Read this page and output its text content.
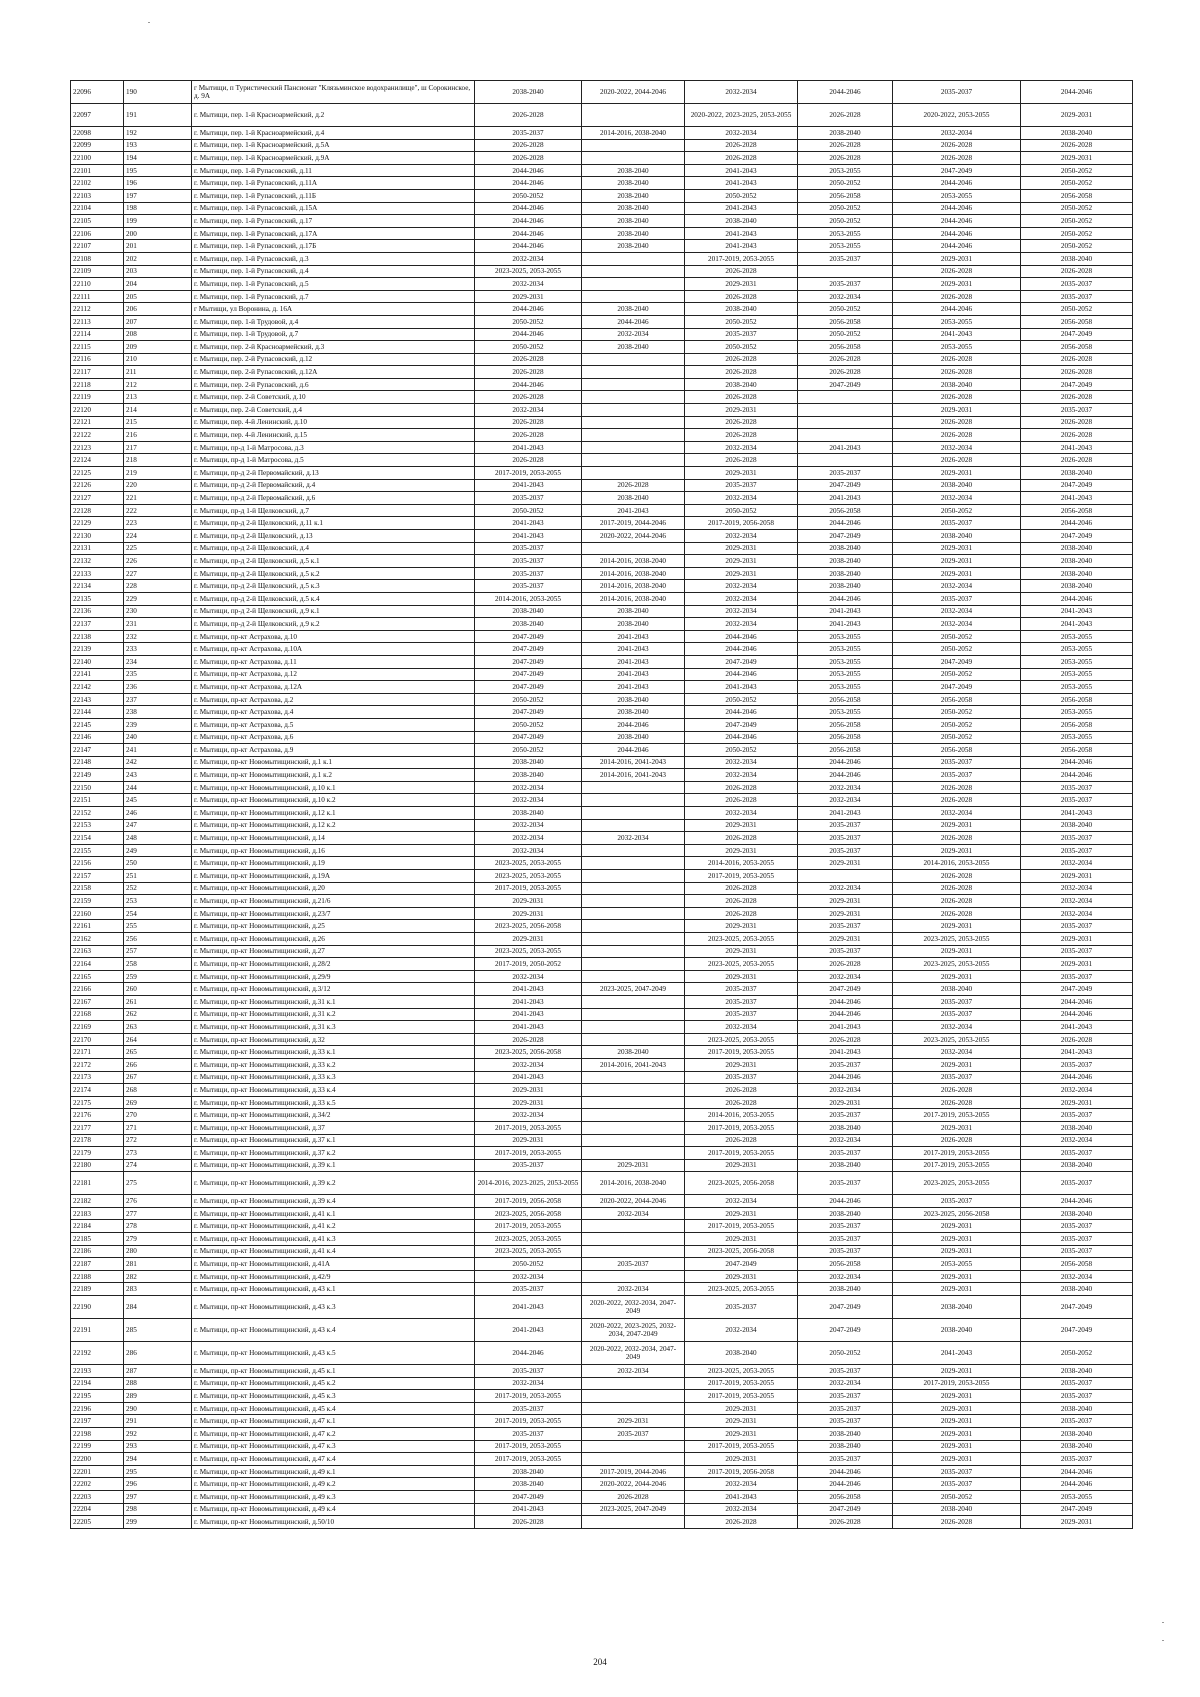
22096	190	г Мытищи, п Туристический Пансионат "Клязьминское водохранилище", ш Сорокинское, д. 9А	2038-2040	2020-2022, 2044-2046	2032-2034	2044-2046	2035-2037	2044-2046
22097	191	г. Мытищи, пер. 1-й Красноармейский, д.2	2026-2028		2020-2022, 2023-2025, 2053-2055	2026-2028	2020-2022, 2053-2055	2029-2031
22098	192	г. Мытищи, пер. 1-й Красноармейский, д.4	2035-2037	2014-2016, 2038-2040	2032-2034	2038-2040	2032-2034	2038-2040
22099	193	г. Мытищи, пер. 1-й Красноармейский, д.5А	2026-2028		2026-2028	2026-2028	2026-2028	2026-2028
22100	194	г. Мытищи, пер. 1-й Красноармейский, д.9А	2026-2028		2026-2028	2026-2028	2026-2028	2029-2031
22101	195	г. Мытищи, пер. 1-й Рупасовский, д.11	2044-2046	2038-2040	2041-2043	2053-2055	2047-2049	2050-2052
22102	196	г. Мытищи, пер. 1-й Рупасовский, д.11А	2044-2046	2038-2040	2041-2043	2050-2052	2044-2046	2050-2052
22103	197	г. Мытищи, пер. 1-й Рупасовский, д.11Б	2050-2052	2038-2040	2050-2052	2056-2058	2053-2055	2056-2058
22104	198	г. Мытищи, пер. 1-й Рупасовский, д.15А	2044-2046	2038-2040	2041-2043	2050-2052	2044-2046	2050-2052
22105	199	г. Мытищи, пер. 1-й Рупасовский, д.17	2044-2046	2038-2040	2038-2040	2050-2052	2044-2046	2050-2052
22106	200	г. Мытищи, пер. 1-й Рупасовский, д.17А	2044-2046	2038-2040	2041-2043	2053-2055	2044-2046	2050-2052
22107	201	г. Мытищи, пер. 1-й Рупасовский, д.17Б	2044-2046	2038-2040	2041-2043	2053-2055	2044-2046	2050-2052
22108	202	г. Мытищи, пер. 1-й Рупасовский, д.3	2032-2034		2017-2019, 2053-2055	2035-2037	2029-2031	2038-2040
22109	203	г. Мытищи, пер. 1-й Рупасовский, д.4	2023-2025, 2053-2055		2026-2028		2026-2028	2026-2028
22110	204	г. Мытищи, пер. 1-й Рупасовский, д.5	2032-2034		2029-2031	2035-2037	2029-2031	2035-2037
22111	205	г. Мытищи, пер. 1-й Рупасовский, д.7	2029-2031		2026-2028	2032-2034	2026-2028	2035-2037
22112	206	г Мытищи, ул Воронина, д. 16А	2044-2046	2038-2040	2038-2040	2050-2052	2044-2046	2050-2052
22113	207	г. Мытищи, пер. 1-й Трудовой, д.4	2050-2052	2044-2046	2050-2052	2056-2058	2053-2055	2056-2058
22114	208	г. Мытищи, пер. 1-й Трудовой, д.7	2044-2046	2032-2034	2035-2037	2050-2052	2041-2043	2047-2049
22115	209	г. Мытищи, пер. 2-й Красноармейский, д.3	2050-2052	2038-2040	2050-2052	2056-2058	2053-2055	2056-2058
22116	210	г. Мытищи, пер. 2-й Рупасовский, д.12	2026-2028		2026-2028	2026-2028	2026-2028	2026-2028
22117	211	г. Мытищи, пер. 2-й Рупасовский, д.12А	2026-2028		2026-2028	2026-2028	2026-2028	2026-2028
22118	212	г. Мытищи, пер. 2-й Рупасовский, д.6	2044-2046		2038-2040	2047-2049	2038-2040	2047-2049
22119	213	г. Мытищи, пер. 2-й Советский, д.10	2026-2028		2026-2028		2026-2028	2026-2028
22120	214	г. Мытищи, пер. 2-й Советский, д.4	2032-2034		2029-2031		2029-2031	2035-2037
22121	215	г. Мытищи, пер. 4-й Ленинский, д.10	2026-2028		2026-2028		2026-2028	2026-2028
22122	216	г. Мытищи, пер. 4-й Ленинский, д.15	2026-2028		2026-2028		2026-2028	2026-2028
22123	217	г. Мытищи, пр-д 1-й Матросова, д.3	2041-2043		2032-2034	2041-2043	2032-2034	2041-2043
22124	218	г. Мытищи, пр-д 1-й Матросова, д.5	2026-2028		2026-2028		2026-2028	2026-2028
22125	219	г. Мытищи, пр-д 2-й Первомайский, д.13	2017-2019, 2053-2055		2029-2031	2035-2037	2029-2031	2038-2040
22126	220	г. Мытищи, пр-д 2-й Первомайский, д.4	2041-2043	2026-2028	2035-2037	2047-2049	2038-2040	2047-2049
22127	221	г. Мытищи, пр-д 2-й Первомайский, д.6	2035-2037	2038-2040	2032-2034	2041-2043	2032-2034	2041-2043
22128	222	г. Мытищи, пр-д 1-й Щелковский, д.7	2050-2052	2041-2043	2050-2052	2056-2058	2050-2052	2056-2058
22129	223	г. Мытищи, пр-д 2-й Щелковский, д.11 к.1	2041-2043	2017-2019, 2044-2046	2017-2019, 2056-2058	2044-2046	2035-2037	2044-2046
22130	224	г. Мытищи, пр-д 2-й Щелковский, д.13	2041-2043	2020-2022, 2044-2046	2032-2034	2047-2049	2038-2040	2047-2049
22131	225	г. Мытищи, пр-д 2-й Щелковский, д.4	2035-2037		2029-2031	2038-2040	2029-2031	2038-2040
22132	226	г. Мытищи, пр-д 2-й Щелковский, д.5 к.1	2035-2037	2014-2016, 2038-2040	2029-2031	2038-2040	2029-2031	2038-2040
22133	227	г. Мытищи, пр-д 2-й Щелковский, д.5 к.2	2035-2037	2014-2016, 2038-2040	2029-2031	2038-2040	2029-2031	2038-2040
22134	228	г. Мытищи, пр-д 2-й Щелковский, д.5 к.3	2035-2037	2014-2016, 2038-2040	2032-2034	2038-2040	2032-2034	2038-2040
22135	229	г. Мытищи, пр-д 2-й Щелковский, д.5 к.4	2014-2016, 2053-2055	2014-2016, 2038-2040	2032-2034	2044-2046	2035-2037	2044-2046
22136	230	г. Мытищи, пр-д 2-й Щелковский, д.9 к.1	2038-2040	2038-2040	2032-2034	2041-2043	2032-2034	2041-2043
22137	231	г. Мытищи, пр-д 2-й Щелковский, д.9 к.2	2038-2040	2038-2040	2032-2034	2041-2043	2032-2034	2041-2043
22138	232	г. Мытищи, пр-кт Астрахова, д.10	2047-2049	2041-2043	2044-2046	2053-2055	2050-2052	2053-2055
22139	233	г. Мытищи, пр-кт Астрахова, д.10А	2047-2049	2041-2043	2044-2046	2053-2055	2050-2052	2053-2055
22140	234	г. Мытищи, пр-кт Астрахова, д.11	2047-2049	2041-2043	2047-2049	2053-2055	2047-2049	2053-2055
22141	235	г. Мытищи, пр-кт Астрахова, д.12	2047-2049	2041-2043	2044-2046	2053-2055	2050-2052	2053-2055
22142	236	г. Мытищи, пр-кт Астрахова, д.12А	2047-2049	2041-2043	2041-2043	2053-2055	2047-2049	2053-2055
22143	237	г. Мытищи, пр-кт Астрахова, д.2	2050-2052	2038-2040	2050-2052	2056-2058	2056-2058	2056-2058
22144	238	г. Мытищи, пр-кт Астрахова, д.4	2047-2049	2038-2040	2044-2046	2053-2055	2050-2052	2053-2055
22145	239	г. Мытищи, пр-кт Астрахова, д.5	2050-2052	2044-2046	2047-2049	2056-2058	2050-2052	2056-2058
22146	240	г. Мытищи, пр-кт Астрахова, д.6	2047-2049	2038-2040	2044-2046	2056-2058	2050-2052	2053-2055
22147	241	г. Мытищи, пр-кт Астрахова, д.9	2050-2052	2044-2046	2050-2052	2056-2058	2056-2058	2056-2058
22148	242	г. Мытищи, пр-кт Новомытищинский, д.1 к.1	2038-2040	2014-2016, 2041-2043	2032-2034	2044-2046	2035-2037	2044-2046
22149	243	г. Мытищи, пр-кт Новомытищинский, д.1 к.2	2038-2040	2014-2016, 2041-2043	2032-2034	2044-2046	2035-2037	2044-2046
22150	244	г. Мытищи, пр-кт Новомытищинский, д.10 к.1	2032-2034		2026-2028	2032-2034	2026-2028	2035-2037
22151	245	г. Мытищи, пр-кт Новомытищинский, д.10 к.2	2032-2034		2026-2028	2032-2034	2026-2028	2035-2037
22152	246	г. Мытищи, пр-кт Новомытищинский, д.12 к.1	2038-2040		2032-2034	2041-2043	2032-2034	2041-2043
22153	247	г. Мытищи, пр-кт Новомытищинский, д.12 к.2	2032-2034		2029-2031	2035-2037	2029-2031	2038-2040
22154	248	г. Мытищи, пр-кт Новомытищинский, д.14	2032-2034	2032-2034	2026-2028	2035-2037	2026-2028	2035-2037
22155	249	г. Мытищи, пр-кт Новомытищинский, д.16	2032-2034		2029-2031	2035-2037	2029-2031	2035-2037
22156	250	г. Мытищи, пр-кт Новомытищинский, д.19	2023-2025, 2053-2055		2014-2016, 2053-2055	2029-2031	2014-2016, 2053-2055	2032-2034
22157	251	г. Мытищи, пр-кт Новомытищинский, д.19А	2023-2025, 2053-2055		2017-2019, 2053-2055		2026-2028	2029-2031
22158	252	г. Мытищи, пр-кт Новомытищинский, д.20	2017-2019, 2053-2055		2026-2028	2032-2034	2026-2028	2032-2034
22159	253	г. Мытищи, пр-кт Новомытищинский, д.21/6	2029-2031		2026-2028	2029-2031	2026-2028	2032-2034
22160	254	г. Мытищи, пр-кт Новомытищинский, д.23/7	2029-2031		2026-2028	2029-2031	2026-2028	2032-2034
22161	255	г. Мытищи, пр-кт Новомытищинский, д.25	2023-2025, 2056-2058		2029-2031	2035-2037	2029-2031	2035-2037
22162	256	г. Мытищи, пр-кт Новомытищинский, д.26	2029-2031		2023-2025, 2053-2055	2029-2031	2023-2025, 2053-2055	2029-2031
22163	257	г. Мытищи, пр-кт Новомытищинский, д.27	2023-2025, 2053-2055		2029-2031	2035-2037	2029-2031	2035-2037
22164	258	г. Мытищи, пр-кт Новомытищинский, д.28/2	2017-2019, 2050-2052		2023-2025, 2053-2055	2026-2028	2023-2025, 2053-2055	2029-2031
22165	259	г. Мытищи, пр-кт Новомытищинский, д.29/9	2032-2034		2029-2031	2032-2034	2029-2031	2035-2037
22166	260	г. Мытищи, пр-кт Новомытищинский, д.3/12	2041-2043	2023-2025, 2047-2049	2035-2037	2047-2049	2038-2040	2047-2049
22167	261	г. Мытищи, пр-кт Новомытищинский, д.31 к.1	2041-2043		2035-2037	2044-2046	2035-2037	2044-2046
22168	262	г. Мытищи, пр-кт Новомытищинский, д.31 к.2	2041-2043		2035-2037	2044-2046	2035-2037	2044-2046
22169	263	г. Мытищи, пр-кт Новомытищинский, д.31 к.3	2041-2043		2032-2034	2041-2043	2032-2034	2041-2043
22170	264	г. Мытищи, пр-кт Новомытищинский, д.32	2026-2028		2023-2025, 2053-2055	2026-2028	2023-2025, 2053-2055	2026-2028
22171	265	г. Мытищи, пр-кт Новомытищинский, д.33 к.1	2023-2025, 2056-2058	2038-2040	2017-2019, 2053-2055	2041-2043	2032-2034	2041-2043
22172	266	г. Мытищи, пр-кт Новомытищинский, д.33 к.2	2032-2034	2014-2016, 2041-2043	2029-2031	2035-2037	2029-2031	2035-2037
22173	267	г. Мытищи, пр-кт Новомытищинский, д.33 к.3	2041-2043		2035-2037	2044-2046	2035-2037	2044-2046
22174	268	г. Мытищи, пр-кт Новомытищинский, д.33 к.4	2029-2031		2026-2028	2032-2034	2026-2028	2032-2034
22175	269	г. Мытищи, пр-кт Новомытищинский, д.33 к.5	2029-2031		2026-2028	2029-2031	2026-2028	2029-2031
22176	270	г. Мытищи, пр-кт Новомытищинский, д.34/2	2032-2034		2014-2016, 2053-2055	2035-2037	2017-2019, 2053-2055	2035-2037
22177	271	г. Мытищи, пр-кт Новомытищинский, д.37	2017-2019, 2053-2055		2017-2019, 2053-2055	2038-2040	2029-2031	2038-2040
22178	272	г. Мытищи, пр-кт Новомытищинский, д.37 к.1	2029-2031		2026-2028	2032-2034	2026-2028	2032-2034
22179	273	г. Мытищи, пр-кт Новомытищинский, д.37 к.2	2017-2019, 2053-2055		2017-2019, 2053-2055	2035-2037	2017-2019, 2053-2055	2035-2037
22180	274	г. Мытищи, пр-кт Новомытищинский, д.39 к.1	2035-2037	2029-2031	2029-2031	2038-2040	2017-2019, 2053-2055	2038-2040
22181	275	г. Мытищи, пр-кт Новомытищинский, д.39 к.2	2014-2016, 2023-2025, 2053-2055	2014-2016, 2038-2040	2023-2025, 2056-2058	2035-2037	2023-2025, 2053-2055	2035-2037
22182	276	г. Мытищи, пр-кт Новомытищинский, д.39 к.4	2017-2019, 2056-2058	2020-2022, 2044-2046	2032-2034	2044-2046	2035-2037	2044-2046
22183	277	г. Мытищи, пр-кт Новомытищинский, д.41 к.1	2023-2025, 2056-2058	2032-2034	2029-2031	2038-2040	2023-2025, 2056-2058	2038-2040
22184	278	г. Мытищи, пр-кт Новомытищинский, д.41 к.2	2017-2019, 2053-2055		2017-2019, 2053-2055	2035-2037	2029-2031	2035-2037
22185	279	г. Мытищи, пр-кт Новомытищинский, д.41 к.3	2023-2025, 2053-2055		2029-2031	2035-2037	2029-2031	2035-2037
22186	280	г. Мытищи, пр-кт Новомытищинский, д.41 к.4	2023-2025, 2053-2055		2023-2025, 2056-2058	2035-2037	2029-2031	2035-2037
22187	281	г. Мытищи, пр-кт Новомытищинский, д.41А	2050-2052	2035-2037	2047-2049	2056-2058	2053-2055	2056-2058
22188	282	г. Мытищи, пр-кт Новомытищинский, д.42/9	2032-2034		2029-2031	2032-2034	2029-2031	2032-2034
22189	283	г. Мытищи, пр-кт Новомытищинский, д.43 к.1	2035-2037	2032-2034	2023-2025, 2053-2055	2038-2040	2029-2031	2038-2040
22190	284	г. Мытищи, пр-кт Новомытищинский, д.43 к.3	2041-2043	2020-2022, 2032-2034, 2047-2049	2035-2037	2047-2049	2038-2040	2047-2049
22191	285	г. Мытищи, пр-кт Новомытищинский, д.43 к.4	2041-2043	2020-2022, 2023-2025, 2032-2034, 2047-2049	2032-2034	2047-2049	2038-2040	2047-2049
22192	286	г. Мытищи, пр-кт Новомытищинский, д.43 к.5	2044-2046	2020-2022, 2032-2034, 2047-2049	2038-2040	2050-2052	2041-2043	2050-2052
22193	287	г. Мытищи, пр-кт Новомытищинский, д.45 к.1	2035-2037	2032-2034	2023-2025, 2053-2055	2035-2037	2029-2031	2038-2040
22194	288	г. Мытищи, пр-кт Новомытищинский, д.45 к.2	2032-2034		2017-2019, 2053-2055	2032-2034	2017-2019, 2053-2055	2035-2037
22195	289	г. Мытищи, пр-кт Новомытищинский, д.45 к.3	2017-2019, 2053-2055		2017-2019, 2053-2055	2035-2037	2029-2031	2035-2037
22196	290	г. Мытищи, пр-кт Новомытищинский, д.45 к.4	2035-2037		2029-2031	2035-2037	2029-2031	2038-2040
22197	291	г. Мытищи, пр-кт Новомытищинский, д.47 к.1	2017-2019, 2053-2055	2029-2031	2029-2031	2035-2037	2029-2031	2035-2037
22198	292	г. Мытищи, пр-кт Новомытищинский, д.47 к.2	2035-2037	2035-2037	2029-2031	2038-2040	2029-2031	2038-2040
22199	293	г. Мытищи, пр-кт Новомытищинский, д.47 к.3	2017-2019, 2053-2055		2017-2019, 2053-2055	2038-2040	2029-2031	2038-2040
22200	294	г. Мытищи, пр-кт Новомытищинский, д.47 к.4	2017-2019, 2053-2055		2029-2031	2035-2037	2029-2031	2035-2037
22201	295	г. Мытищи, пр-кт Новомытищинский, д.49 к.1	2038-2040	2017-2019, 2044-2046	2017-2019, 2056-2058	2044-2046	2035-2037	2044-2046
22202	296	г. Мытищи, пр-кт Новомытищинский, д.49 к.2	2038-2040	2020-2022, 2044-2046	2032-2034	2044-2046	2035-2037	2044-2046
22203	297	г. Мытищи, пр-кт Новомытищинский, д.49 к.3	2047-2049	2026-2028	2041-2043	2056-2058	2050-2052	2053-2055
22204	298	г. Мытищи, пр-кт Новомытищинский, д.49 к.4	2041-2043	2023-2025, 2047-2049	2032-2034	2047-2049	2038-2040	2047-2049
22205	299	г. Мытищи, пр-кт Новомытищинский, д.50/10	2026-2028		2026-2028	2026-2028	2026-2028	2029-2031
204
